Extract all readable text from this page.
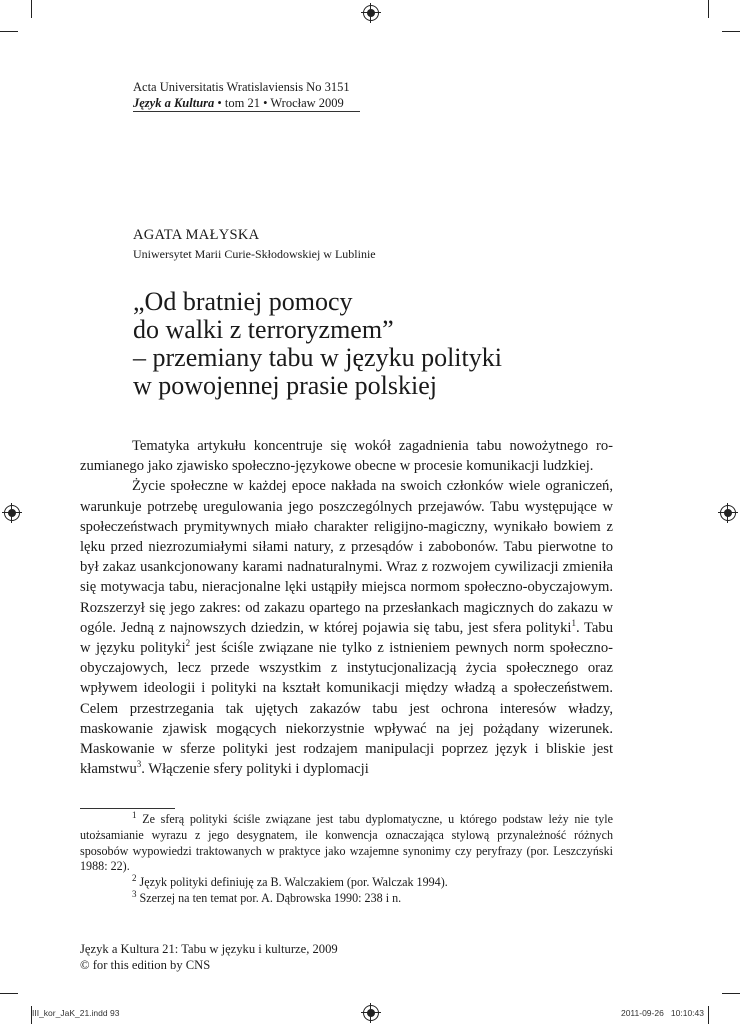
Acta Universitatis Wratislaviensis No 3151
Język a Kultura • tom 21 • Wrocław 2009
AGATA MAŁYSKA
Uniwersytet Marii Curie-Skłodowskiej w Lublinie
„Od bratniej pomocy
do walki z terroryzmem”
– przemiany tabu w języku polityki
w powojennej prasie polskiej

Tematyka artykułu koncentruje się wokół zagadnienia tabu nowożytnego rozumianego jako zjawisko społeczno-językowe obecne w procesie komunikacji ludzkiej.

Życie społeczne w każdej epoce nakłada na swoich członków wiele ograniczeń, warunkuje potrzebę uregulowania jego poszczególnych przejawów. Tabu występujące w społeczeństwach prymitywnych miało charakter religijno-magiczny, wynikało bowiem z lęku przed niezrozumiałymi siłami natury, z przesądów i zabobonów. Tabu pierwotne to był zakaz usankcjonowany karami nadnaturalnymi. Wraz z rozwojem cywilizacji zmieniła się motywacja tabu, nieracjonalne lęki ustąpiły miejsca normom społeczno-obyczajowym. Rozszerzył się jego zakres: od zakazu opartego na przesłankach magicznych do zakazu w ogóle. Jedną z najnowszych dziedzin, w której pojawia się tabu, jest sfera polityki$^1$. Tabu w języku polityki$^2$ jest ściśle związane nie tylko z istnieniem pewnych norm społeczno-obyczajowych, lecz przede wszystkim z instytucjonalizacją życia społecznego oraz wpływem ideologii i polityki na kształt komunikacji między władzą a społeczeństwem. Celem przestrzegania tak ujętych zakazów tabu jest ochrona interesów władzy, maskowanie zjawisk mogących niekorzystnie wpływać na jej pożądany wizerunek. Maskowanie w sferze polityki jest rodzajem manipulacji poprzez język i bliskie jest kłamstwu$^3$. Włączenie sfery polityki i dyplomacji

$^1$ Ze sferą polityki ściśle związane jest tabu dyplomatyczne, u którego podstaw leży nie tyle utożsamianie wyrazu z jego desygnatem, ile konwencja oznaczająca stylową przynależność różnych sposobów wypowiedzi traktowanych w praktyce jako wzajemne synonimy czy peryfrazy (por. Leszczyński 1988: 22).

$^2$ Język polityki definiuję za B. Walczakiem (por. Walczak 1994).

$^3$ Szerzej na ten temat por. A. Dąbrowska 1990: 238 i n.

Język a Kultura 21: Tabu w języku i kulturze, 2009
© for this edition by CNS
III_kor_JaK_21.indd 93	2011-09-26   10:10:43
